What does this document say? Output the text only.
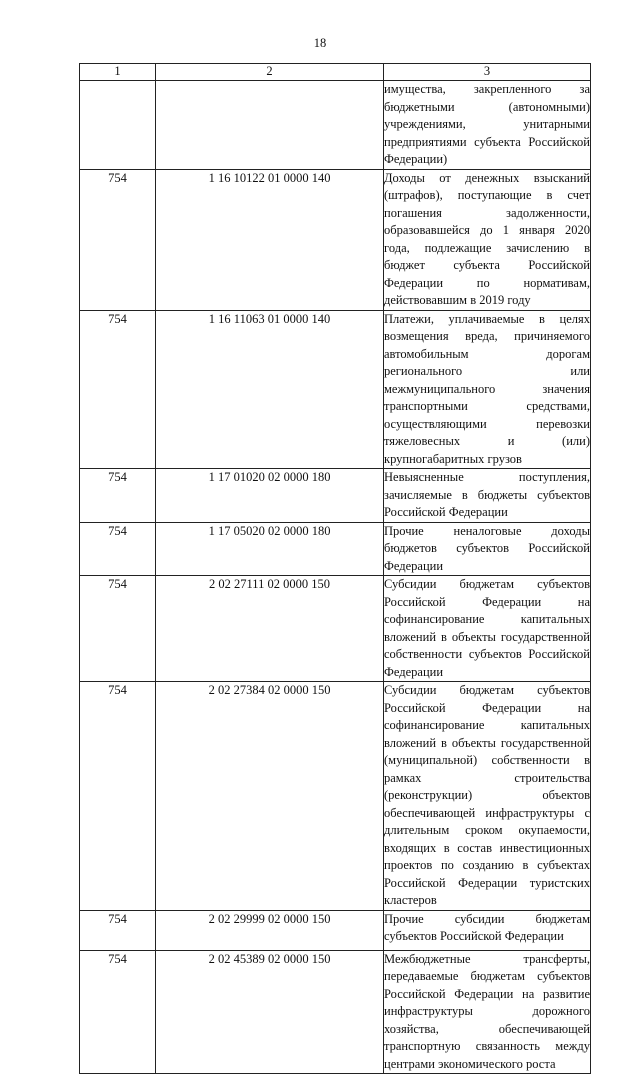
18
1	2	3
		имущества, закрепленного за бюджетными (автономными) учреждениями, унитарными предприятиями субъекта Российской Федерации)
754	1 16 10122 01 0000 140	Доходы от денежных взысканий (штрафов), поступающие в счет погашения задолженности, образовавшейся до 1 января 2020 года, подлежащие зачислению в бюджет субъекта Российской Федерации по нормативам, действовавшим в 2019 году
754	1 16 11063 01 0000 140	Платежи, уплачиваемые в целях возмещения вреда, причиняемого автомобильным дорогам регионального или межмуниципального значения транспортными средствами, осуществляющими перевозки тяжеловесных и (или) крупногабаритных грузов
754	1 17 01020 02 0000 180	Невыясненные поступления, зачисляемые в бюджеты субъектов Российской Федерации
754	1 17 05020 02 0000 180	Прочие неналоговые доходы бюджетов субъектов Российской Федерации
754	2 02 27111 02 0000 150	Субсидии бюджетам субъектов Российской Федерации на софинансирование капитальных вложений в объекты государственной собственности субъектов Российской Федерации
754	2 02 27384 02 0000 150	Субсидии бюджетам субъектов Российской Федерации на софинансирование капитальных вложений в объекты государственной (муниципальной) собственности в рамках строительства (реконструкции) объектов обеспечивающей инфраструктуры с длительным сроком окупаемости, входящих в состав инвестиционных проектов по созданию в субъектах Российской Федерации туристских кластеров
754	2 02 29999 02 0000 150	Прочие субсидии бюджетам субъектов Российской Федерации
754	2 02 45389 02 0000 150	Межбюджетные трансферты, передаваемые бюджетам субъектов Российской Федерации на развитие инфраструктуры дорожного хозяйства, обеспечивающей транспортную связанность между центрами экономического роста
